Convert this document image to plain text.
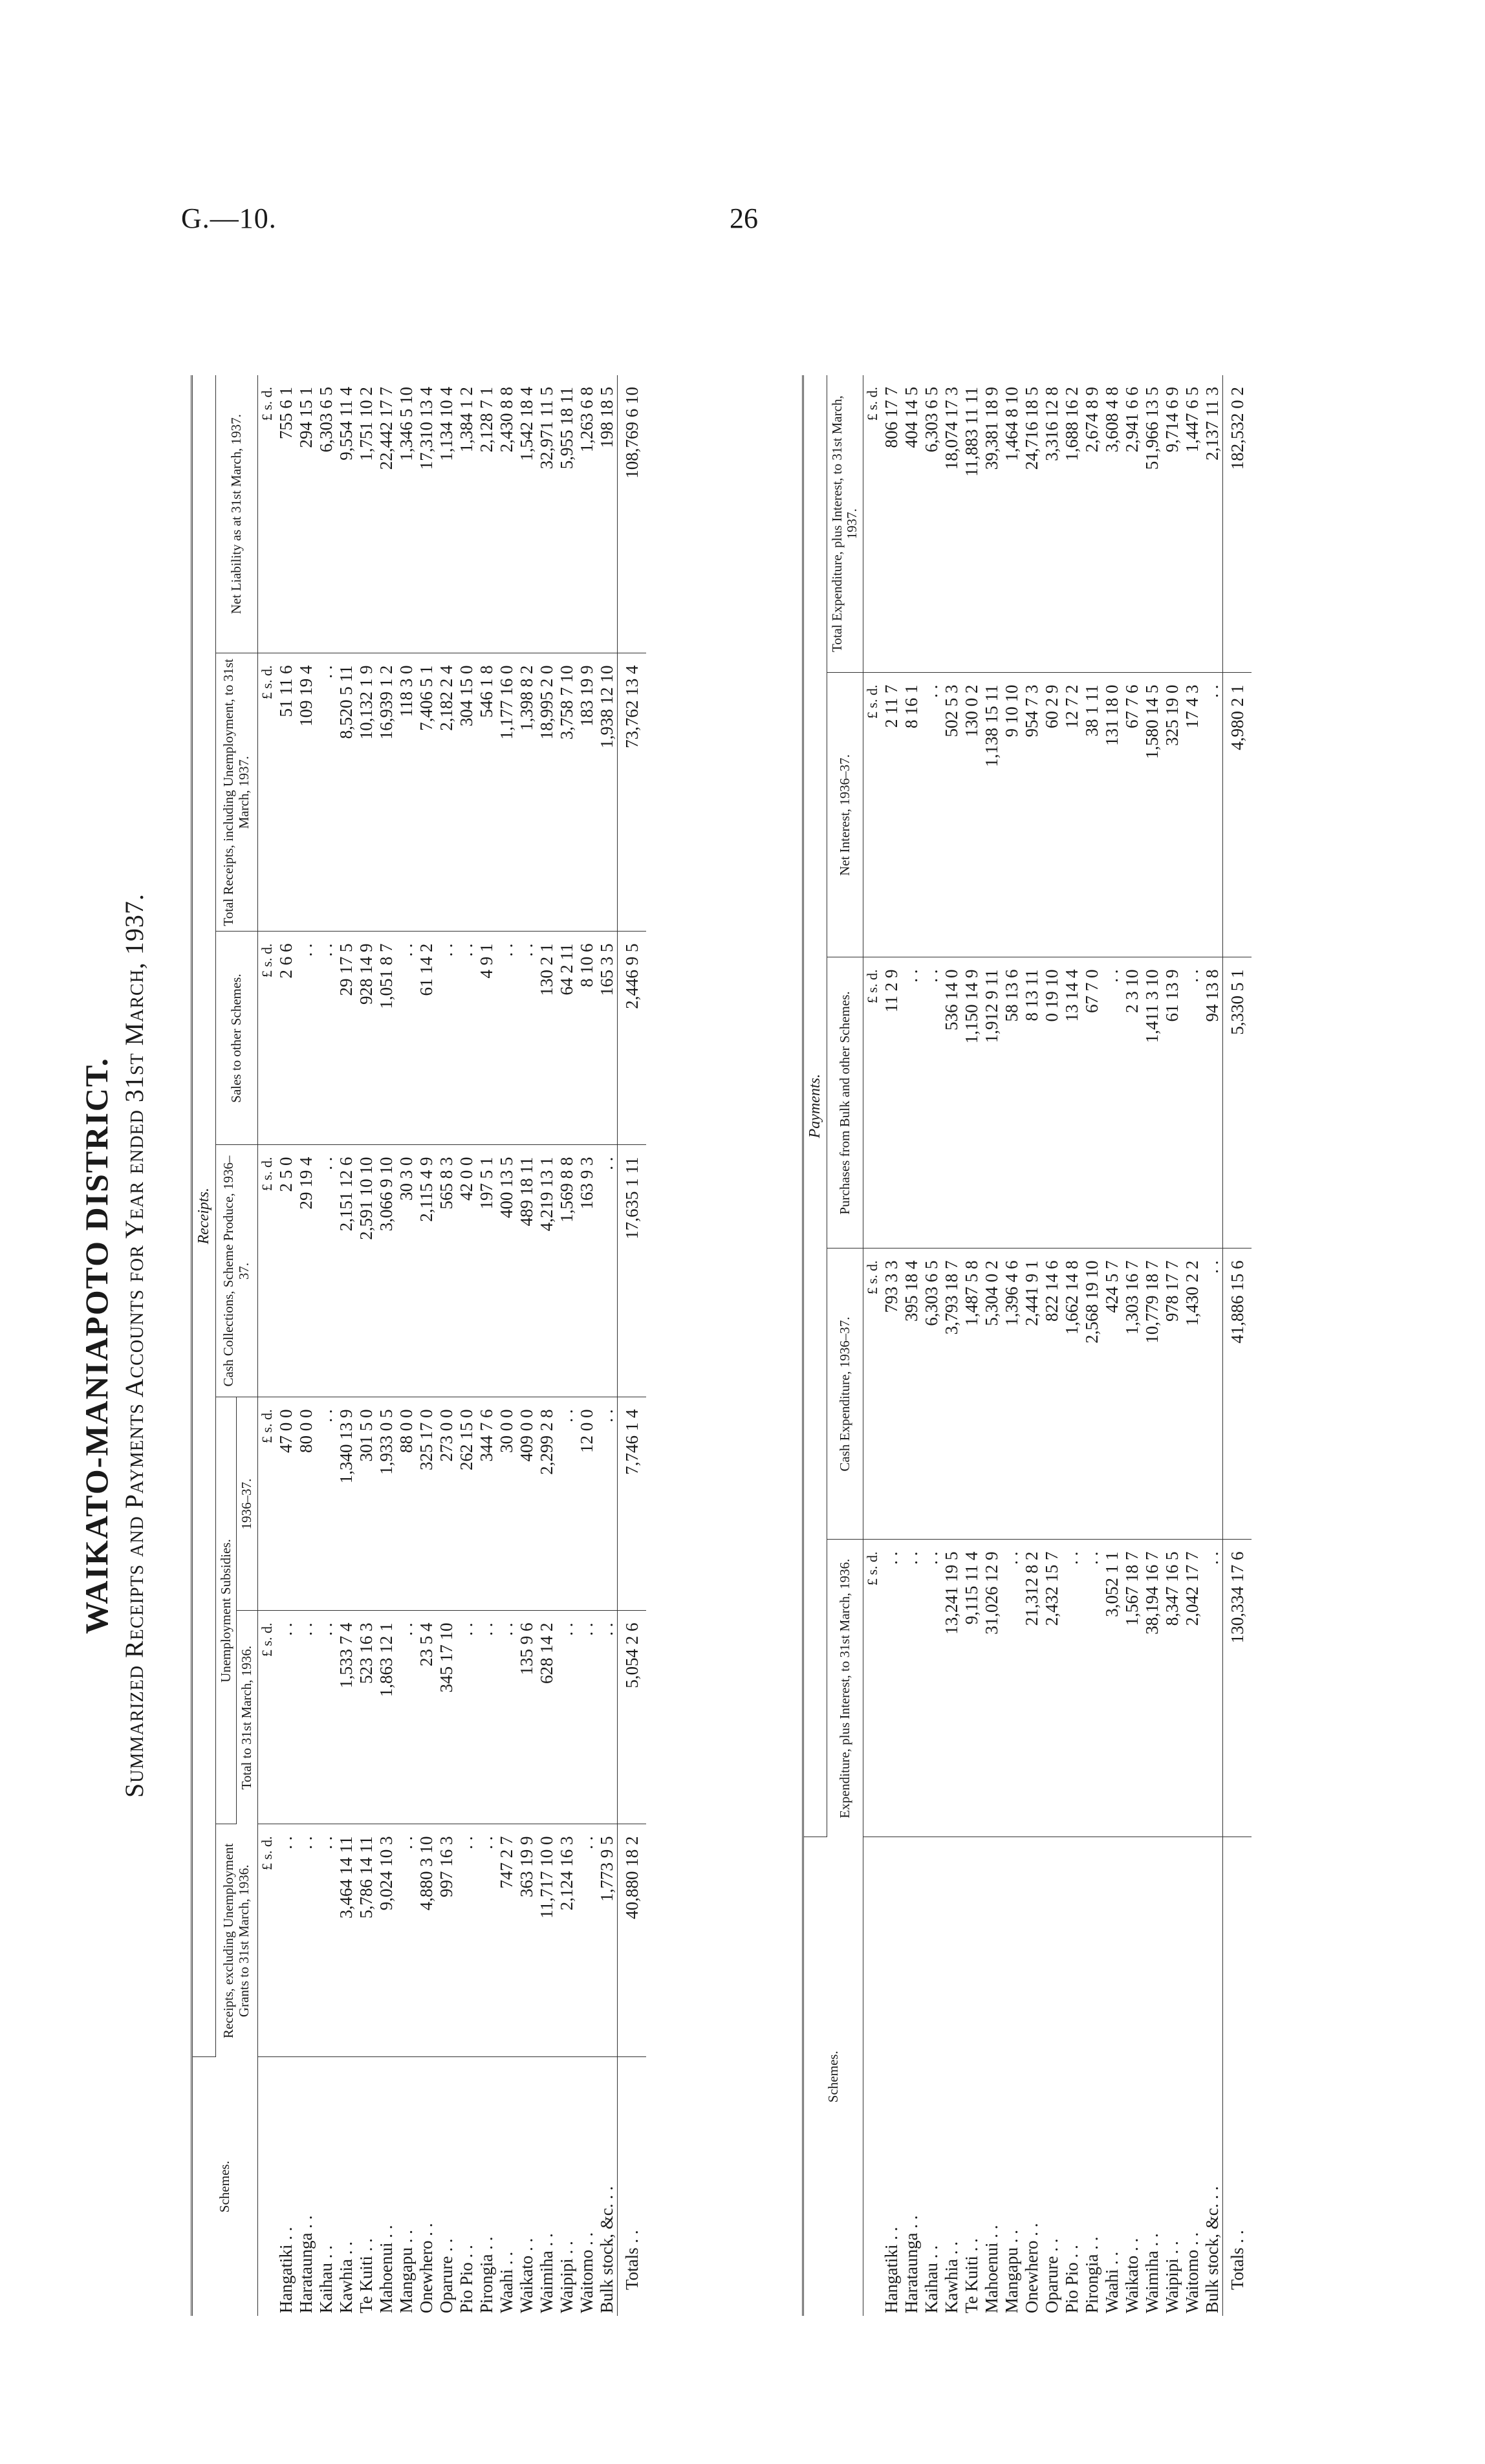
G.—10.	26
WAIKATO-MANIAPOTO DISTRICT. Summarized Receipts and Payments Accounts for Year ended 31st March, 1937.
Schemes.	Receipts.						
	Receipts, excluding Unemployment Grants to 31st March, 1936.	Unemployment Subsidies.		Cash Collections, Scheme Produce, 1936–37.	Sales to other Schemes.	Total Receipts, including Unemployment, to 31st March, 1937.	Net Liability as at 31st March, 1937.
		Total to 31st March, 1936.	1936–37.				
	£ s. d.	£ s. d.	£ s. d.	£ s. d.	£ s. d.	£ s. d.	£ s. d.
Hangatiki . .	. .	. .	47 0 0	2 5 0	2 6 6	51 11 6	755 6 1
Harataunga . .	. .	. .	80 0 0	29 19 4	. .	109 19 4	294 15 1
Kaihau . .	. .	. .	. .	. .	. .	. .	6,303 6 5
Kawhia . .	3,464 14 11	1,533 7 4	1,340 13 9	2,151 12 6	29 17 5	8,520 5 11	9,554 11 4
Te Kuiti . .	5,786 14 11	523 16 3	301 5 0	2,591 10 10	928 14 9	10,132 1 9	1,751 10 2
Mahoenui . .	9,024 10 3	1,863 12 1	1,933 0 5	3,066 9 10	1,051 8 7	16,939 1 2	22,442 17 7
Mangapu . .	. .	. .	88 0 0	30 3 0	. .	118 3 0	1,346 5 10
Onewhero . .	4,880 3 10	23 5 4	325 17 0	2,115 4 9	61 14 2	7,406 5 1	17,310 13 4
Oparure . .	997 16 3	345 17 10	273 0 0	565 8 3	. .	2,182 2 4	1,134 10 4
Pio Pio . .	. .	. .	262 15 0	42 0 0	. .	304 15 0	1,384 1 2
Pirongia . .	. .	. .	344 7 6	197 5 1	4 9 1	546 1 8	2,128 7 1
Waahi . .	747 2 7	. .	30 0 0	400 13 5	. .	1,177 16 0	2,430 8 8
Waikato . .	363 19 9	135 9 6	409 0 0	489 18 11	. .	1,398 8 2	1,542 18 4
Waimiha . .	11,717 10 0	628 14 2	2,299 2 8	4,219 13 1	130 2 1	18,995 2 0	32,971 11 5
Waipipi . .	2,124 16 3	. .	. .	1,569 8 8	64 2 11	3,758 7 10	5,955 18 11
Waitomo . .	. .	. .	12 0 0	163 9 3	8 10 6	183 19 9	1,263 6 8
Bulk stock, &c. . .	1,773 9 5	. .	. .	. .	165 3 5	1,938 12 10	198 18 5
Totals . .	40,880 18 2	5,054 2 6	7,746 1 4	17,635 1 11	2,446 9 5	73,762 13 4	108,769 6 10
Schemes.	Payments.				
	Expenditure, plus Interest, to 31st March, 1936.	Cash Expenditure, 1936–37.	Purchases from Bulk and other Schemes.	Net Interest, 1936–37.	Total Expenditure, plus Interest, to 31st March, 1937.
	£ s. d.	£ s. d.	£ s. d.	£ s. d.	£ s. d.
Hangatiki . .	. .	793 3 3	11 2 9	2 11 7	806 17 7
Harataunga . .	. .	395 18 4	. .	8 16 1	404 14 5
Kaihau . .	. .	6,303 6 5	. .	. .	6,303 6 5
Kawhia . .	13,241 19 5	3,793 18 7	536 14 0	502 5 3	18,074 17 3
Te Kuiti . .	9,115 11 4	1,487 5 8	1,150 14 9	130 0 2	11,883 11 11
Mahoenui . .	31,026 12 9	5,304 0 2	1,912 9 11	1,138 15 11	39,381 18 9
Mangapu . .	. .	1,396 4 6	58 13 6	9 10 10	1,464 8 10
Onewhero . .	21,312 8 2	2,441 9 1	8 13 11	954 7 3	24,716 18 5
Oparure . .	2,432 15 7	822 14 6	0 19 10	60 2 9	3,316 12 8
Pio Pio . .	. .	1,662 14 8	13 14 4	12 7 2	1,688 16 2
Pirongia . .	. .	2,568 19 10	67 7 0	38 1 11	2,674 8 9
Waahi . .	3,052 1 1	424 5 7	. .	131 18 0	3,608 4 8
Waikato . .	1,567 18 7	1,303 16 7	2 3 10	67 7 6	2,941 6 6
Waimiha . .	38,194 16 7	10,779 18 7	1,411 3 10	1,580 14 5	51,966 13 5
Waipipi . .	8,347 16 5	978 17 7	61 13 9	325 19 0	9,714 6 9
Waitomo . .	2,042 17 7	1,430 2 2	. .	17 4 3	1,447 6 5
Bulk stock, &c. . .	. .	. .	94 13 8	. .	2,137 11 3
Totals . .	130,334 17 6	41,886 15 6	5,330 5 1	4,980 2 1	182,532 0 2
